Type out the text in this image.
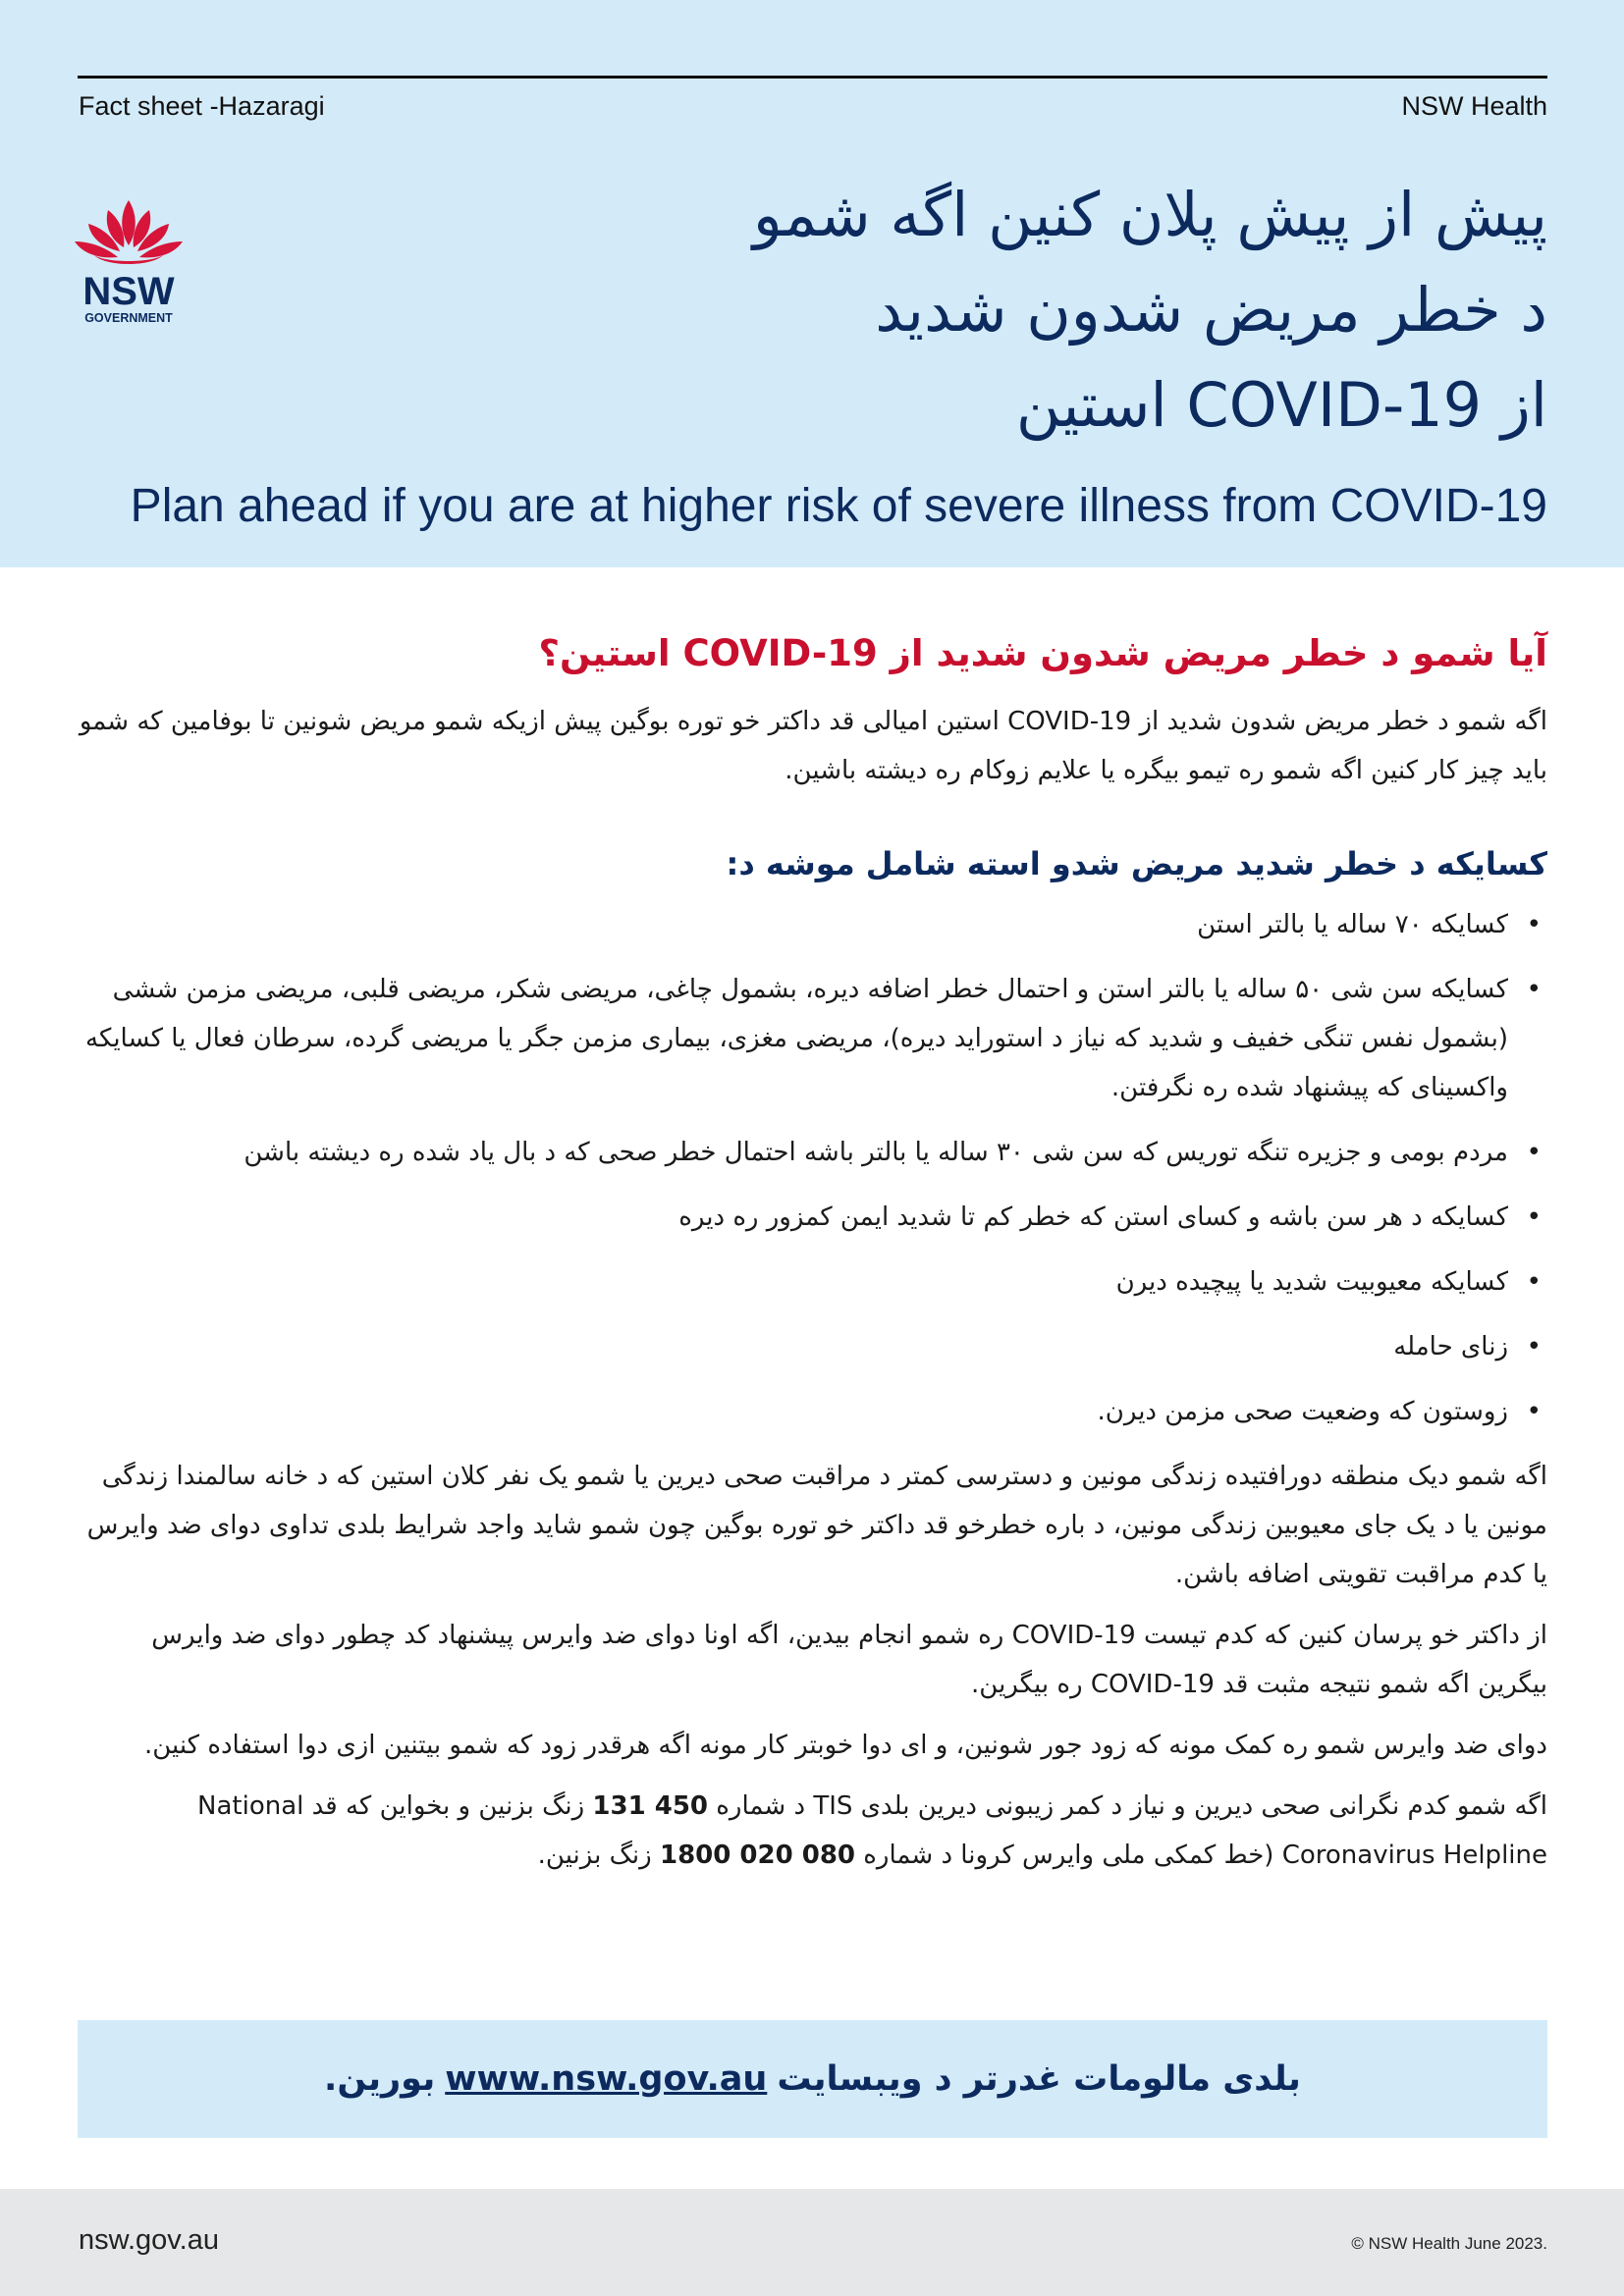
Fact sheet -Hazaragi	NSW Health
NSW
GOVERNMENT
پیش از پیش پلان کنین اگه شمو
د خطر مریض شدون شدید
از COVID-19 استین
Plan ahead if you are at higher risk of severe illness from COVID-19
آیا شمو د خطر مریض شدون شدید از COVID-19 استین؟

اگه شمو د خطر مریض شدون شدید از COVID-19 استین امیالی قد داکتر خو توره بوگین پیش ازیکه شمو مریض شونین تا بوفامین که شمو باید چیز کار کنین اگه شمو ره تیمو بیگره یا علایم زوکام ره دیشته باشین.

کسایکه د خطر شدید مریض شدو استه شامل موشه د:
• کسایکه ۷۰ ساله یا بالتر استن
• کسایکه سن شی ۵۰ ساله یا بالتر استن و احتمال خطر اضافه دیره، بشمول چاغی، مریضی شکر، مریضی قلبی، مریضی مزمن ششی (بشمول نفس تنگی خفیف و شدید که نیاز د استوراید دیره)، مریضی مغزی، بیماری مزمن جگر یا مریضی گرده، سرطان فعال یا کسایکه واکسینای که پیشنهاد شده ره نگرفتن.
• مردم بومی و جزیره تنگه توریس که سن شی ۳۰ ساله یا بالتر باشه احتمال خطر صحی که د بال یاد شده ره دیشته باشن
• کسایکه د هر سن باشه و کسای استن که خطر کم تا شدید ایمن کمزور ره دیره
• کسایکه معیوبیت شدید یا پیچیده دیرن
• زنای حامله
• زوستون که وضعیت صحی مزمن دیرن.

اگه شمو دیک منطقه دورافتیده زندگی مونین و دسترسی کمتر د مراقبت صحی دیرین یا شمو یک نفر کلان استین که د خانه سالمندا زندگی مونین یا د یک جای معیوبین زندگی مونین، د باره خطرخو قد داکتر خو توره بوگین چون شمو شاید واجد شرایط بلدی تداوی دوای ضد وایرس یا کدم مراقبت تقویتی اضافه باشن.

از داکتر خو پرسان کنین که کدم تیست COVID-19 ره شمو انجام بیدین، اگه اونا دوای ضد وایرس پیشنهاد کد چطور دوای ضد وایرس بیگرین اگه شمو نتیجه مثبت قد COVID-19 ره بیگرین.

دوای ضد وایرس شمو ره کمک مونه که زود جور شونین، و ای دوا خوبتر کار مونه اگه هرقدر زود که شمو بیتنین ازی دوا استفاده کنین.

اگه شمو کدم نگرانی صحی دیرین و نیاز د کمر زیبونی دیرین بلدی TIS د شماره 131 450 زنگ بزنین و بخواین که قد National Coronavirus Helpline (خط کمکی ملی وایرس کرونا د شماره 1800 020 080 زنگ بزنین.

بلدی مالومات غدرتر د ویبسایت
www.nsw.gov.au
بورین.
nsw.gov.au	© NSW Health June 2023.
